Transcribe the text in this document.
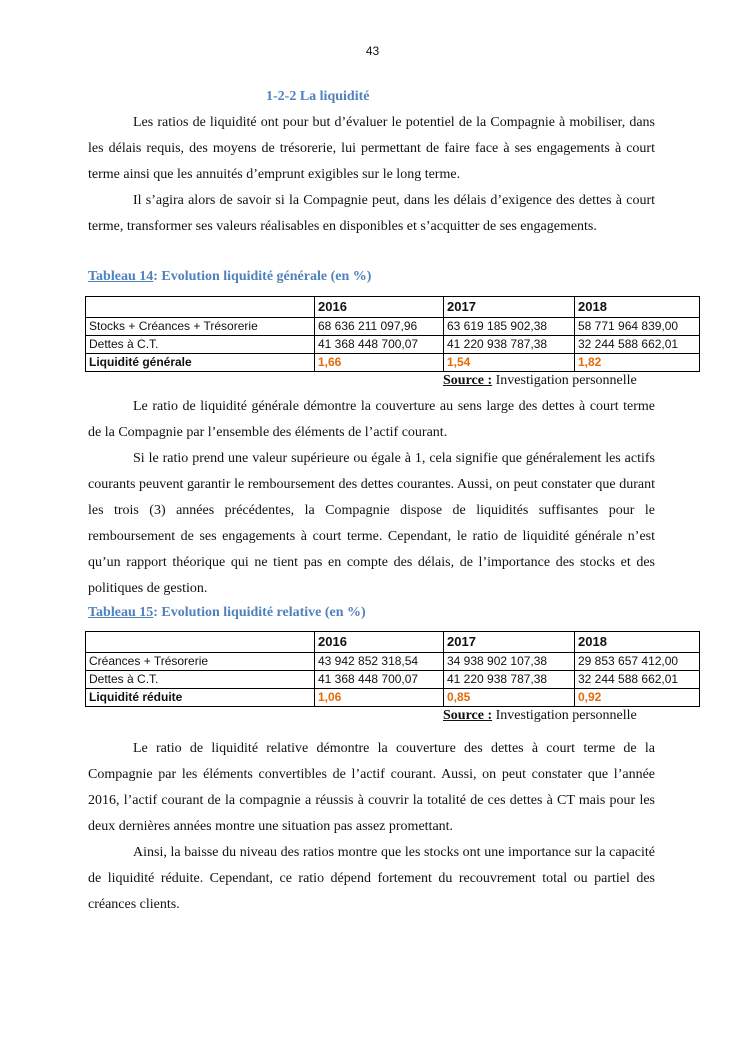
43
1-2-2 La liquidité

Les ratios de liquidité ont pour but d’évaluer le potentiel de la Compagnie à mobiliser, dans les délais requis, des moyens de trésorerie, lui permettant de faire face à ses engagements à court terme ainsi que les annuités d’emprunt exigibles sur le long terme.

Il s’agira alors de savoir si la Compagnie peut, dans les délais d’exigence des dettes à court terme, transformer ses valeurs réalisables en disponibles et s’acquitter de ses engagements.

Tableau 14: Evolution liquidité générale (en %)
	2016	2017	2018
Stocks + Créances + Trésorerie	68 636 211 097,96	63 619 185 902,38	58 771 964 839,00
Dettes à C.T.	41 368 448 700,07	41 220 938 787,38	32 244 588 662,01
Liquidité générale	1,66	1,54	1,82
Source : Investigation personnelle

Le ratio de liquidité générale démontre la couverture au sens large des dettes à court terme de la Compagnie par l’ensemble des éléments de l’actif courant.

Si le ratio prend une valeur supérieure ou égale à 1, cela signifie que généralement les actifs courants peuvent garantir le remboursement des dettes courantes. Aussi, on peut constater que durant les trois (3) années précédentes, la Compagnie dispose de liquidités suffisantes pour le remboursement de ses engagements à court terme. Cependant, le ratio de liquidité générale n’est qu’un rapport théorique qui ne tient pas en compte des délais, de l’importance des stocks et des politiques de gestion.

Tableau 15: Evolution liquidité relative (en %)
	2016	2017	2018
Créances + Trésorerie	43 942 852 318,54	34 938 902 107,38	29 853 657 412,00
Dettes à C.T.	41 368 448 700,07	41 220 938 787,38	32 244 588 662,01
Liquidité réduite	1,06	0,85	0,92
Source : Investigation personnelle

Le ratio de liquidité relative démontre la couverture des dettes à court terme de la Compagnie par les éléments convertibles de l’actif courant. Aussi, on peut constater que l’année 2016, l’actif courant de la compagnie a réussis à couvrir la totalité de ces dettes à CT mais pour les deux dernières années montre une situation pas assez promettant.

Ainsi, la baisse du niveau des ratios montre que les stocks ont une importance sur la capacité de liquidité réduite. Cependant, ce ratio dépend fortement du recouvrement total ou partiel des créances clients.
